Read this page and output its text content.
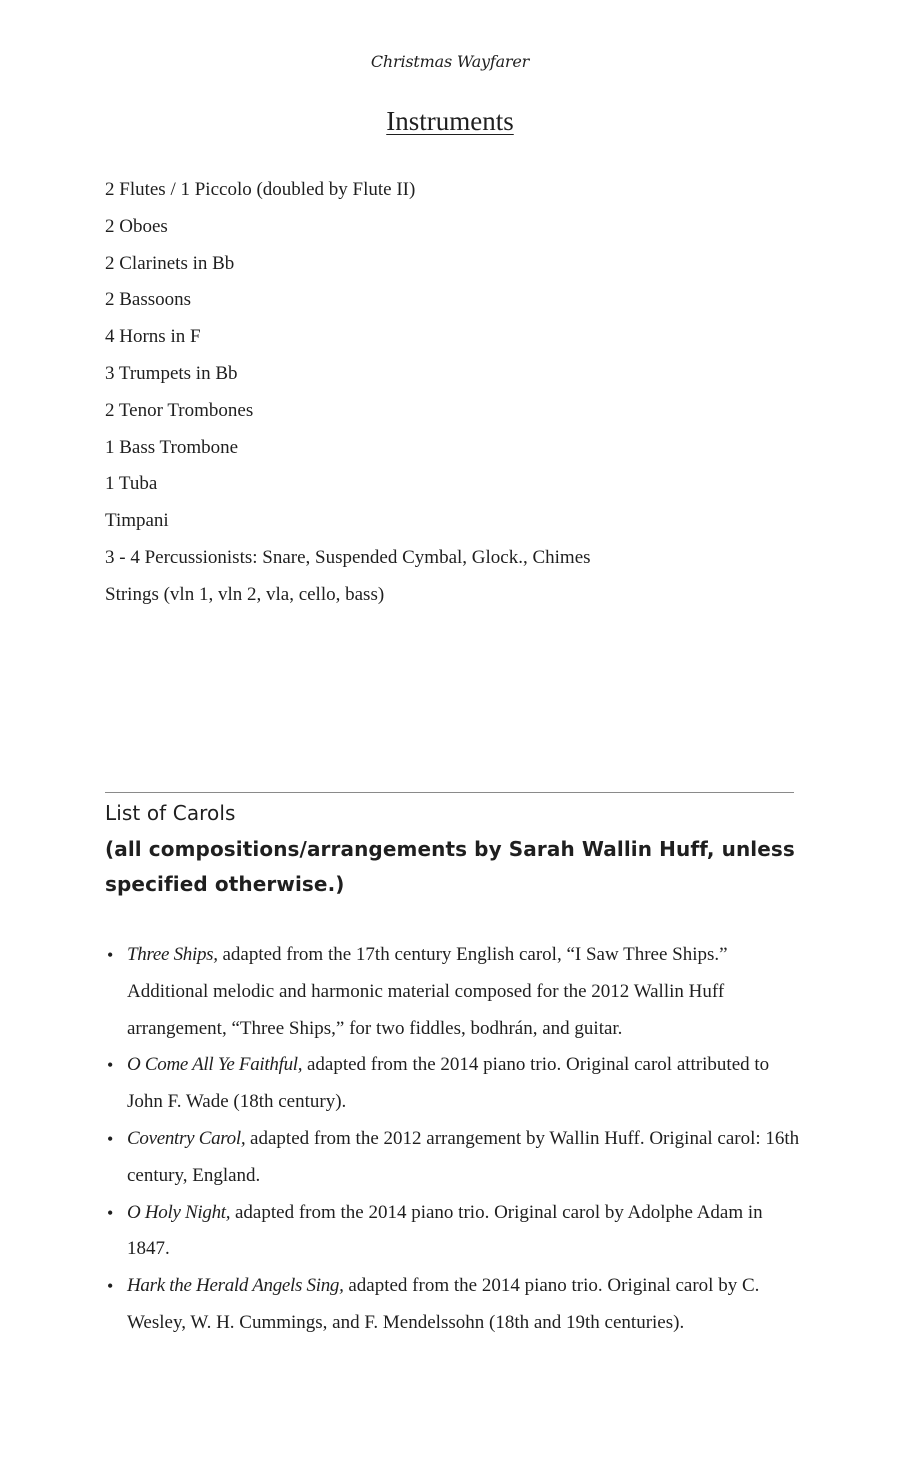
Christmas Wayfarer
Instruments
2 Flutes / 1 Piccolo (doubled by Flute II)
2 Oboes
2 Clarinets in Bb
2 Bassoons
4 Horns in F
3 Trumpets in Bb
2 Tenor Trombones
1 Bass Trombone
1 Tuba
Timpani
3 - 4 Percussionists: Snare, Suspended Cymbal, Glock., Chimes
Strings (vln 1, vln 2, vla, cello, bass)
List of Carols
(all compositions/arrangements by Sarah Wallin Huff, unless specified otherwise.)
• Three Ships, adapted from the 17th century English carol, “I Saw Three Ships.” Additional melodic and harmonic material composed for the 2012 Wallin Huff arrangement, “Three Ships,” for two fiddles, bodhrán, and guitar.
• O Come All Ye Faithful, adapted from the 2014 piano trio. Original carol attributed to John F. Wade (18th century).
• Coventry Carol, adapted from the 2012 arrangement by Wallin Huff. Original carol: 16th century, England.
• O Holy Night, adapted from the 2014 piano trio. Original carol by Adolphe Adam in 1847.
• Hark the Herald Angels Sing, adapted from the 2014 piano trio. Original carol by C. Wesley, W. H. Cummings, and F. Mendelssohn (18th and 19th centuries).
